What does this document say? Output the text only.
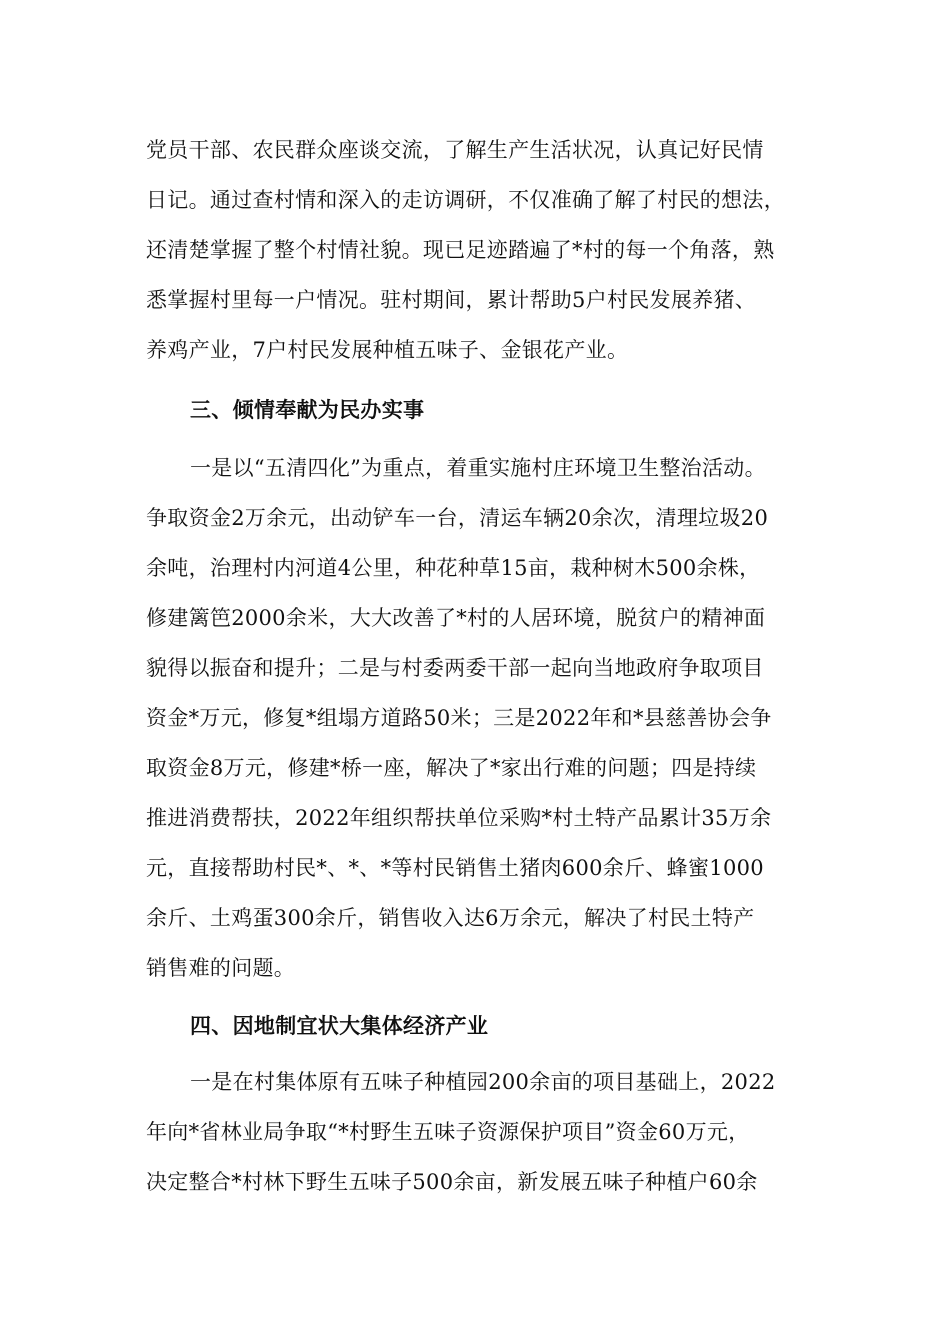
党员干部、农民群众座谈交流，了解生产生活状况，认真记好民情
日记。通过查村情和深入的走访调研，不仅准确了解了村民的想法，
还清楚掌握了整个村情社貌。现已足迹踏遍了*村的每一个角落，熟
悉掌握村里每一户情况。驻村期间，累计帮助5户村民发展养猪、
养鸡产业，7户村民发展种植五味子、金银花产业。
三、倾情奉献为民办实事
一是以“五清四化”为重点，着重实施村庄环境卫生整治活动。
争取资金2万余元，出动铲车一台，清运车辆20余次，清理垃圾20
余吨，治理村内河道4公里，种花种草15亩，栽种树木500余株，
修建篱笆2000余米，大大改善了*村的人居环境，脱贫户的精神面
貌得以振奋和提升；二是与村委两委干部一起向当地政府争取项目
资金*万元，修复*组塌方道路50米；三是2022年和*县慈善协会争
取资金8万元，修建*桥一座，解决了*家出行难的问题；四是持续
推进消费帮扶，2022年组织帮扶单位采购*村土特产品累计35万余
元，直接帮助村民*、*、*等村民销售土猪肉600余斤、蜂蜜1000
余斤、土鸡蛋300余斤，销售收入达6万余元，解决了村民土特产
销售难的问题。
四、因地制宜状大集体经济产业
一是在村集体原有五味子种植园200余亩的项目基础上，2022
年向*省林业局争取“*村野生五味子资源保护项目”资金60万元，
决定整合*村林下野生五味子500余亩，新发展五味子种植户60余
